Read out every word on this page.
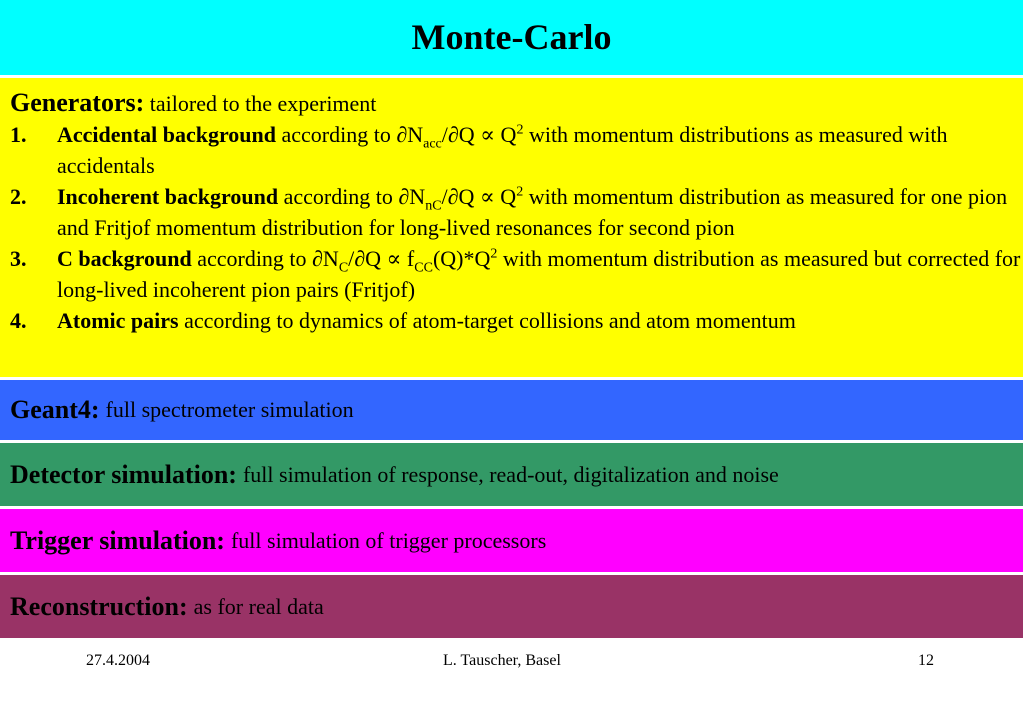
Monte-Carlo
Generators: tailored to the experiment
1. Accidental background according to $\partial N_{acc}/\partial Q \propto Q^2$ with momentum distributions as measured with accidentals
2. Incoherent background according to $\partial N_{nC}/\partial Q \propto Q^2$ with momentum distribution as measured for one pion and Fritjof momentum distribution for long-lived resonances for second pion
3. C background according to $\partial N_C/\partial Q \propto f_{CC}(Q)*Q^2$ with momentum distribution as measured but corrected for long-lived incoherent pion pairs (Fritjof)
4. Atomic pairs according to dynamics of atom-target collisions and atom momentum
Geant4: full spectrometer simulation
Detector simulation: full simulation of response, read-out, digitalization and noise
Trigger simulation: full simulation of trigger processors
Reconstruction: as for real data
27.4.2004	L. Tauscher, Basel	12
